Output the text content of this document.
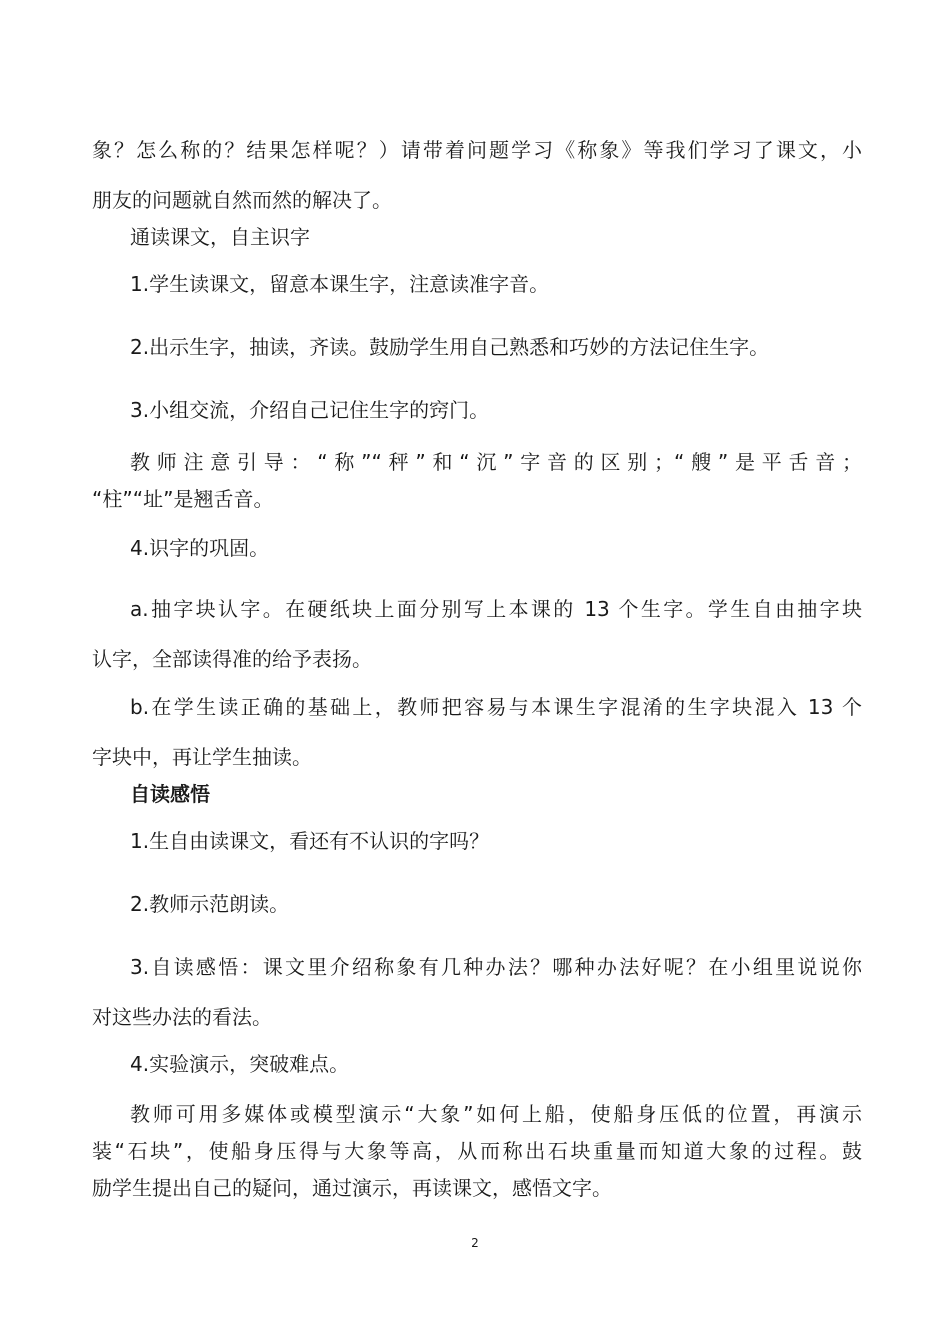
象？怎么称的？结果怎样呢？）请带着问题学习《称象》等我们学习了课文，小
朋友的问题就自然而然的解决了。
通读课文，自主识字
1.学生读课文，留意本课生字，注意读准字音。
2.出示生字，抽读，齐读。鼓励学生用自己熟悉和巧妙的方法记住生字。
3.小组交流，介绍自己记住生字的窍门。
教师注意引导：“称”“秤”和“沉”字音的区别；“艘”是平舌音；
“柱”“址”是翘舌音。
4.识字的巩固。
a.抽字块认字。在硬纸块上面分别写上本课的 13 个生字。学生自由抽字块
认字，全部读得准的给予表扬。
b.在学生读正确的基础上，教师把容易与本课生字混淆的生字块混入 13 个
字块中，再让学生抽读。
自读感悟
1.生自由读课文，看还有不认识的字吗？
2.教师示范朗读。
3.自读感悟：课文里介绍称象有几种办法？哪种办法好呢？在小组里说说你
对这些办法的看法。
4.实验演示，突破难点。
教师可用多媒体或模型演示“大象”如何上船，使船身压低的位置，再演示
装“石块”，使船身压得与大象等高，从而称出石块重量而知道大象的过程。鼓
励学生提出自己的疑问，通过演示，再读课文，感悟文字。
2
